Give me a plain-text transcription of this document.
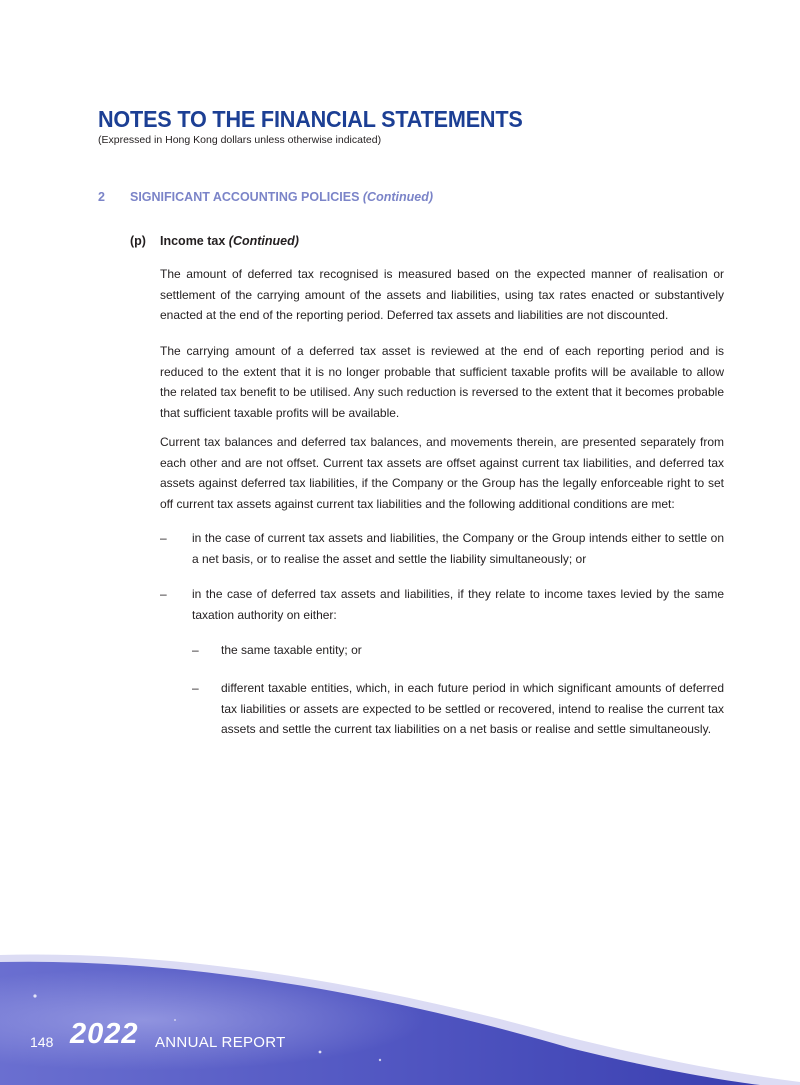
NOTES TO THE FINANCIAL STATEMENTS
(Expressed in Hong Kong dollars unless otherwise indicated)
2 SIGNIFICANT ACCOUNTING POLICIES (Continued)
(p) Income tax (Continued)

The amount of deferred tax recognised is measured based on the expected manner of realisation or settlement of the carrying amount of the assets and liabilities, using tax rates enacted or substantively enacted at the end of the reporting period. Deferred tax assets and liabilities are not discounted.

The carrying amount of a deferred tax asset is reviewed at the end of each reporting period and is reduced to the extent that it is no longer probable that sufficient taxable profits will be available to allow the related tax benefit to be utilised. Any such reduction is reversed to the extent that it becomes probable that sufficient taxable profits will be available.

Current tax balances and deferred tax balances, and movements therein, are presented separately from each other and are not offset. Current tax assets are offset against current tax liabilities, and deferred tax assets against deferred tax liabilities, if the Company or the Group has the legally enforceable right to set off current tax assets against current tax liabilities and the following additional conditions are met:

– in the case of current tax assets and liabilities, the Company or the Group intends either to settle on a net basis, or to realise the asset and settle the liability simultaneously; or

– in the case of deferred tax assets and liabilities, if they relate to income taxes levied by the same taxation authority on either:

– the same taxable entity; or

– different taxable entities, which, in each future period in which significant amounts of deferred tax liabilities or assets are expected to be settled or recovered, intend to realise the current tax assets and settle the current tax liabilities on a net basis or realise and settle simultaneously.

148 2022 ANNUAL REPORT
